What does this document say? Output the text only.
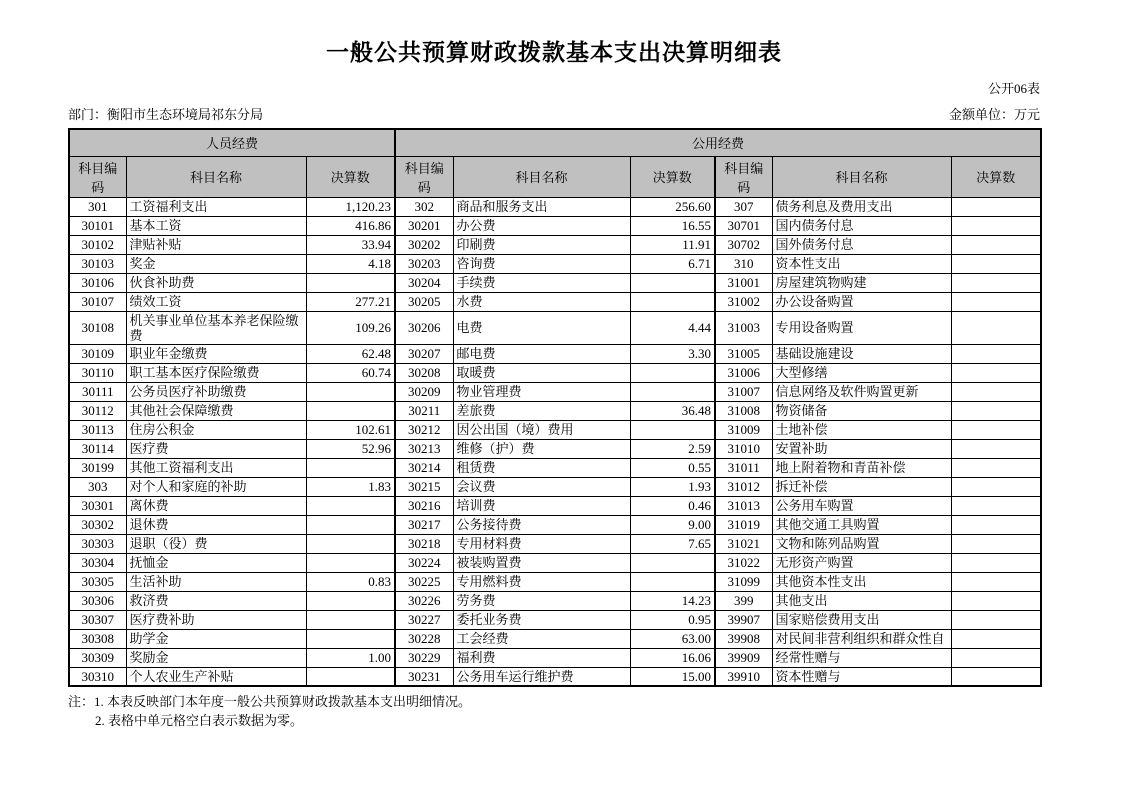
一般公共预算财政拨款基本支出决算明细表
公开06表
部门：衡阳市生态环境局祁东分局	金额单位：万元
人员经费			公用经费					
科目编码	科目名称	决算数	科目编码	科目名称	决算数	科目编码	科目名称	决算数
301	工资福利支出	1,120.23	302	商品和服务支出	256.60	307	债务利息及费用支出	
30101	基本工资	416.86	30201	办公费	16.55	30701	国内债务付息	
30102	津贴补贴	33.94	30202	印刷费	11.91	30702	国外债务付息	
30103	奖金	4.18	30203	咨询费	6.71	310	资本性支出	
30106	伙食补助费		30204	手续费		31001	房屋建筑物购建	
30107	绩效工资	277.21	30205	水费		31002	办公设备购置	
30108	机关事业单位基本养老保险缴费	109.26	30206	电费	4.44	31003	专用设备购置	
30109	职业年金缴费	62.48	30207	邮电费	3.30	31005	基础设施建设	
30110	职工基本医疗保险缴费	60.74	30208	取暖费		31006	大型修缮	
30111	公务员医疗补助缴费		30209	物业管理费		31007	信息网络及软件购置更新	
30112	其他社会保障缴费		30211	差旅费	36.48	31008	物资储备	
30113	住房公积金	102.61	30212	因公出国（境）费用		31009	土地补偿	
30114	医疗费	52.96	30213	维修（护）费	2.59	31010	安置补助	
30199	其他工资福利支出		30214	租赁费	0.55	31011	地上附着物和青苗补偿	
303	对个人和家庭的补助	1.83	30215	会议费	1.93	31012	拆迁补偿	
30301	离休费		30216	培训费	0.46	31013	公务用车购置	
30302	退休费		30217	公务接待费	9.00	31019	其他交通工具购置	
30303	退职（役）费		30218	专用材料费	7.65	31021	文物和陈列品购置	
30304	抚恤金		30224	被装购置费		31022	无形资产购置	
30305	生活补助	0.83	30225	专用燃料费		31099	其他资本性支出	
30306	救济费		30226	劳务费	14.23	399	其他支出	
30307	医疗费补助		30227	委托业务费	0.95	39907	国家赔偿费用支出	
30308	助学金		30228	工会经费	63.00	39908	对民间非营利组织和群众性自	
30309	奖励金	1.00	30229	福利费	16.06	39909	经常性赠与	
30310	个人农业生产补贴		30231	公务用车运行维护费	15.00	39910	资本性赠与	
注：1. 本表反映部门本年度一般公共预算财政拨款基本支出明细情况。
2. 表格中单元格空白表示数据为零。
